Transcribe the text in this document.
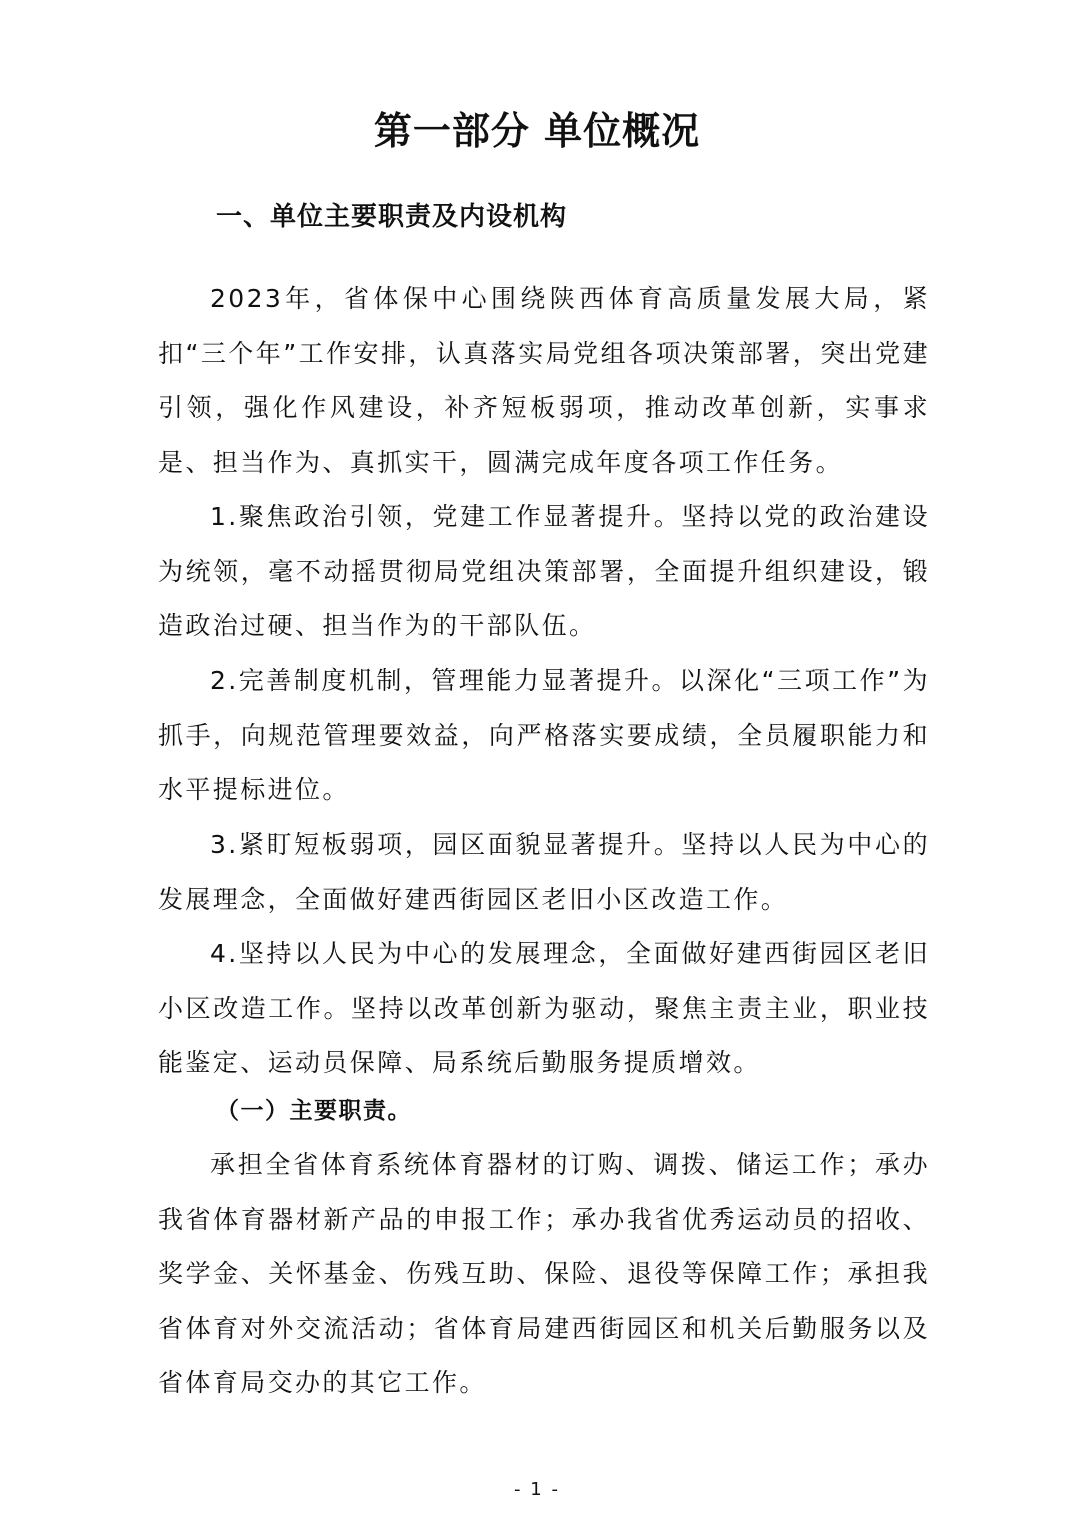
第一部分 单位概况
一、单位主要职责及内设机构

2023年，省体保中心围绕陕西体育高质量发展大局，紧扣“三个年”工作安排，认真落实局党组各项决策部署，突出党建引领，强化作风建设，补齐短板弱项，推动改革创新，实事求是、担当作为、真抓实干，圆满完成年度各项工作任务。

1.聚焦政治引领，党建工作显著提升。坚持以党的政治建设为统领，毫不动摇贯彻局党组决策部署，全面提升组织建设，锻造政治过硬、担当作为的干部队伍。

2.完善制度机制，管理能力显著提升。以深化“三项工作”为抓手，向规范管理要效益，向严格落实要成绩，全员履职能力和水平提标进位。

3.紧盯短板弱项，园区面貌显著提升。坚持以人民为中心的发展理念，全面做好建西街园区老旧小区改造工作。

4.坚持以人民为中心的发展理念，全面做好建西街园区老旧小区改造工作。坚持以改革创新为驱动，聚焦主责主业，职业技能鉴定、运动员保障、局系统后勤服务提质增效。

（一）主要职责。

承担全省体育系统体育器材的订购、调拨、储运工作；承办我省体育器材新产品的申报工作；承办我省优秀运动员的招收、奖学金、关怀基金、伤残互助、保险、退役等保障工作；承担我省体育对外交流活动；省体育局建西街园区和机关后勤服务以及省体育局交办的其它工作。

- 1 -
